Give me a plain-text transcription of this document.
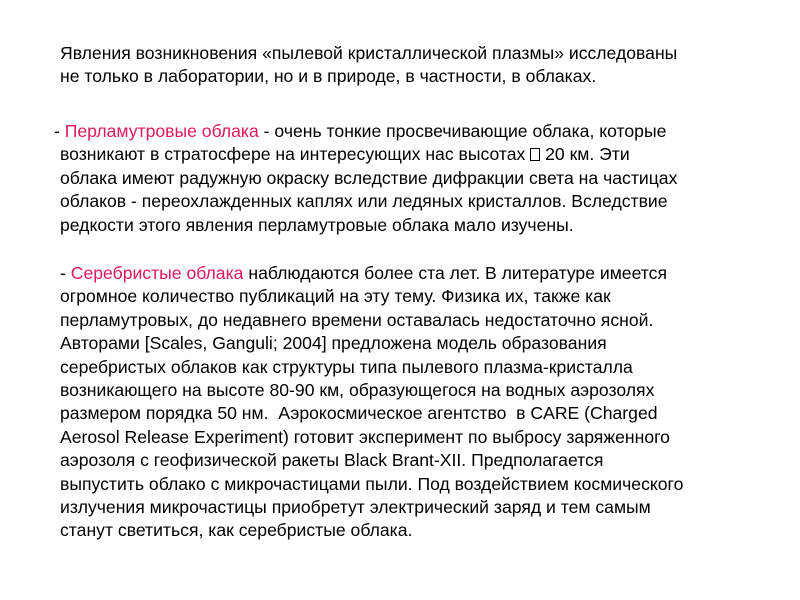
Явления возникновения «пылевой кристаллической плазмы» исследованы
не только в лаборатории, но и в природе, в частности, в облаках.
- Перламутровые облака - очень тонкие просвечивающие облака, которые
возникают в стратосфере на интересующих нас высотах  20 км. Эти
облака имеют радужную окраску вследствие дифракции света на частицах
облаков - переохлажденных каплях или ледяных кристаллов. Вследствие
редкости этого явления перламутровые облака мало изучены.
- Серебристые облака наблюдаются более ста лет. В литературе имеется
огромное количество публикаций на эту тему. Физика их, также как
перламутровых, до недавнего времени оставалась недостаточно ясной.
Авторами [Scales, Ganguli; 2004] предложена модель образования
серебристых облаков как структуры типа пылевого плазма-кристалла
возникающего на высоте 80-90 км, образующегося на водных аэрозолях
размером порядка 50 нм.  Аэрокосмическое агентство  в CARE (Charged
Aerosol Release Experiment) готовит эксперимент по выбросу заряженного
аэрозоля с геофизической ракеты Black Brant-XII. Предполагается
выпустить облако с микрочастицами пыли. Под воздействием космического
излучения микрочастицы приобретут электрический заряд и тем самым
станут светиться, как серебристые облака.
